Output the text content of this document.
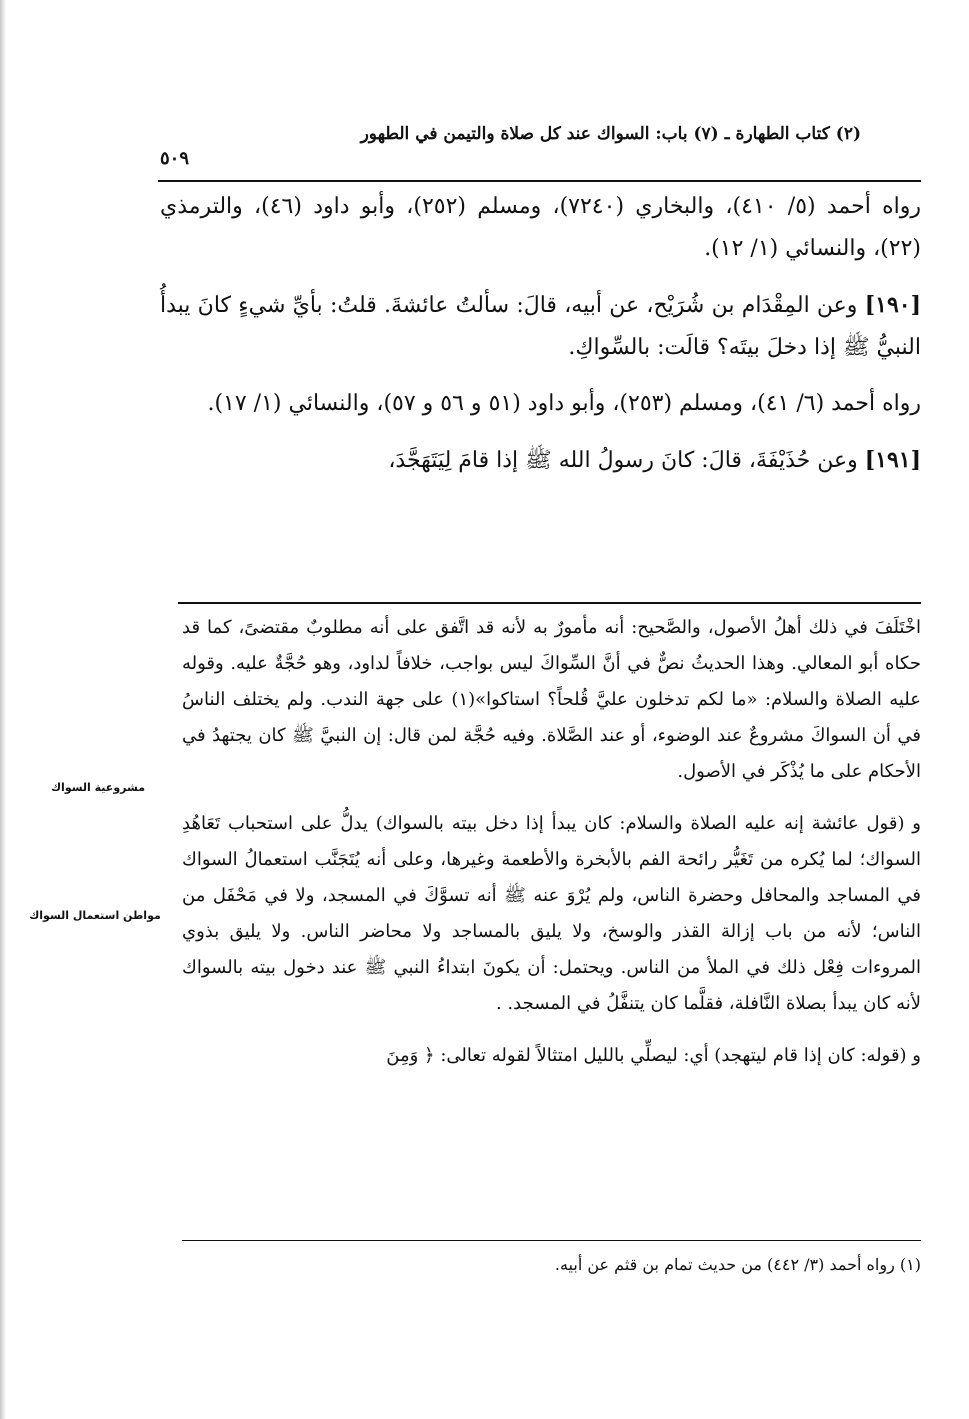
(٢) كتاب الطهارة ـ (٧) باب: السواك عند كل صلاة والتيمن في الطهور
٥٠٩

رواه أحمد (٥/ ٤١٠)، والبخاري (٧٢٤٠)، ومسلم (٢٥٢)، وأبو داود (٤٦)، والترمذي (٢٢)، والنسائي (١/ ١٢).

[١٩٠] وعن المِقْدَام بن شُرَيْح، عن أبيه، قالَ: سألتُ عائشةَ. قلتُ: بأيِّ شيءٍ كانَ يبدأُ النبيُّ ﷺ إذا دخلَ بيتَه؟ قالَت: بالسِّواكِ.

رواه أحمد (٦/ ٤١)، ومسلم (٢٥٣)، وأبو داود (٥١ و ٥٦ و ٥٧)، والنسائي (١/ ١٧).

[١٩١] وعن حُذَيْفَةَ، قالَ: كانَ رسولُ الله ﷺ إذا قامَ لِيَتَهَجَّدَ،

مشروعية السواك
مواطن استعمال السواك

اخْتَلَفَ في ذلك أهلُ الأصول، والصَّحيح: أنه مأمورٌ به لأنه قد اتَّفق على أنه مطلوبٌ مقتضىً، كما قد حكاه أبو المعالي. وهذا الحديثُ نصٌّ في أنَّ السِّواكَ ليس بواجب، خلافاً لداود، وهو حُجَّةٌ عليه. وقوله عليه الصلاة والسلام: «ما لكم تدخلون عليَّ قُلحاً؟ استاكوا»(١) على جهة الندب. ولم يختلف الناسُ في أن السواكَ مشروعٌ عند الوضوء، أو عند الصَّلاة. وفيه حُجَّة لمن قال: إن النبيَّ ﷺ كان يجتهدُ في الأحكام على ما يُذْكَر في الأصول.

و (قول عائشة إنه عليه الصلاة والسلام: كان يبدأ إذا دخل بيته بالسواك) يدلُّ على استحباب تَعَاهُدِ السواك؛ لما يُكره من تَغَيُّر رائحة الفم بالأبخرة والأطعمة وغيرها، وعلى أنه يُتَجَنَّب استعمالُ السواك في المساجد والمحافل وحضرة الناس، ولم يُرْوَ عنه ﷺ أنه تسوَّكَ في المسجد، ولا في مَحْفَل من الناس؛ لأنه من باب إزالة القذر والوسخ، ولا يليق بالمساجد ولا محاضر الناس. ولا يليق بذوي المروءات فِعْل ذلك في الملأ من الناس. ويحتمل: أن يكونَ ابتداءُ النبي ﷺ عند دخول بيته بالسواك لأنه كان يبدأ بصلاة النَّافلة، فقلَّما كان يتنفَّلُ في المسجد. .

و (قوله: كان إذا قام ليتهجد) أي: ليصلِّي بالليل امتثالاً لقوله تعالى: ﴿ وَمِنَ

(١) رواه أحمد (٣/ ٤٤٢) من حديث تمام بن قثم عن أبيه.
